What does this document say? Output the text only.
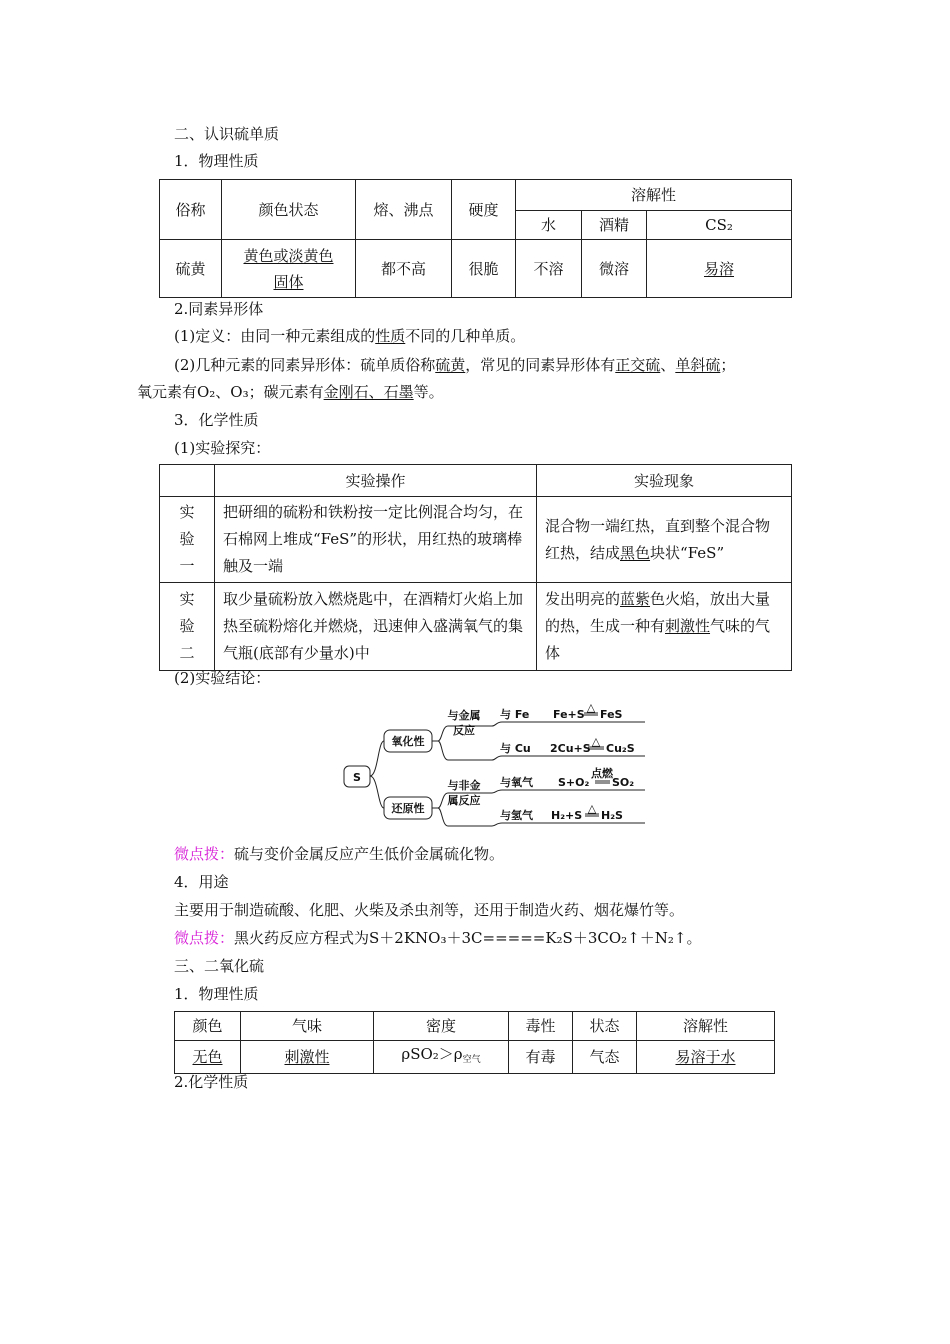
二、认识硫单质
1．物理性质
俗称	颜色状态	熔、沸点	硬度	溶解性		
				水	酒精	CS₂
硫黄	黄色或淡黄色固体	都不高	很脆	不溶	微溶	易溶
2.同素异形体
(1)定义：由同一种元素组成的性质不同的几种单质。
(2)几种元素的同素异形体：硫单质俗称硫黄，常见的同素异形体有正交硫、单斜硫；
氧元素有O₂、O₃；碳元素有金刚石、石墨等。
3．化学性质
(1)实验探究：
	实验操作	实验现象
实验一	把研细的硫粉和铁粉按一定比例混合均匀，在石棉网上堆成“FeS”的形状，用红热的玻璃棒触及一端	混合物一端红热，直到整个混合物红热，结成黑色块状“FeS”
实验二	取少量硫粉放入燃烧匙中，在酒精灯火焰上加热至硫粉熔化并燃烧，迅速伸入盛满氧气的集气瓶(底部有少量水)中	发出明亮的蓝紫色火焰，放出大量的热，生成一种有刺激性气味的气体
(2)实验结论：
S
氧化性
还原性
与金属
反应
与非金
属反应
与 Fe Fe+S
△
FeS
与 Cu 2Cu+S
△
Cu₂S
与氧气 S+O₂
点燃
SO₂
与氢气 H₂+S
△
H₂S
微点拨：硫与变价金属反应产生低价金属硫化物。
4．用途
主要用于制造硫酸、化肥、火柴及杀虫剂等，还用于制造火药、烟花爆竹等。
微点拨：黑火药反应方程式为S＋2KNO₃＋3C=====K₂S＋3CO₂↑＋N₂↑。
三、二氧化硫
1．物理性质
颜色	气味	密度	毒性	状态	溶解性
无色	刺激性	$\rho SO_2>\rho_{空气}$	有毒	气态	易溶于水
2.化学性质
